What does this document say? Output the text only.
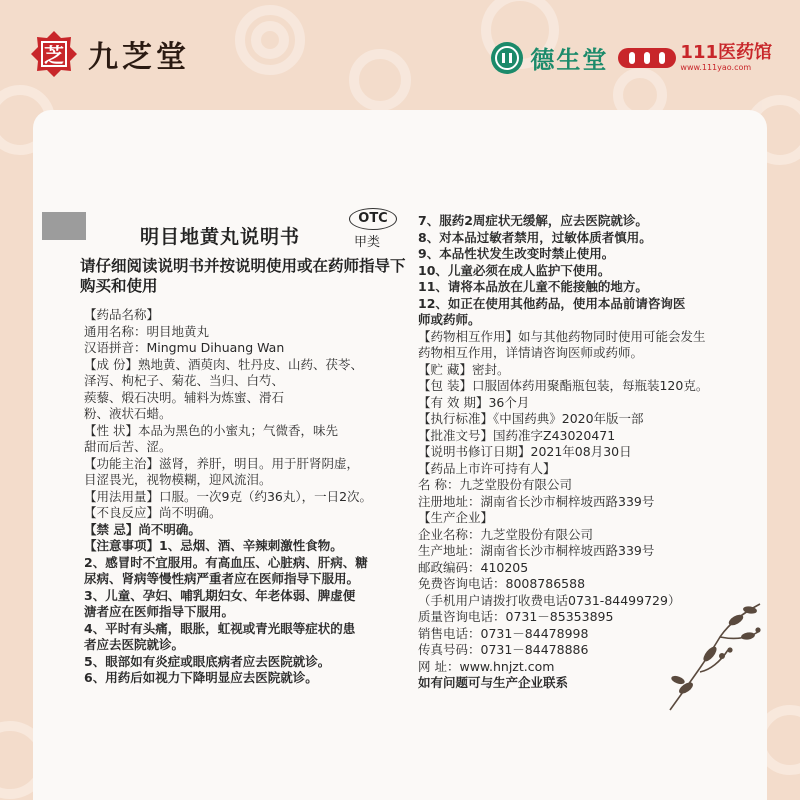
芝 九芝堂	德生堂	111医药馆
www.111yao.com
明目地黄丸说明书
OTC
甲类
请仔细阅读说明书并按说明使用或在药师指导下购买和使用
【药品名称】
通用名称：明目地黄丸
汉语拼音：Mingmu Dihuang Wan
【成 份】熟地黄、酒萸肉、牡丹皮、山药、茯苓、
泽泻、枸杞子、菊花、当归、白芍、
蒺藜、煅石决明。辅料为炼蜜、滑石
粉、液状石蜡。
【性 状】本品为黑色的小蜜丸；气微香，味先
甜而后苦、涩。
【功能主治】滋肾，养肝，明目。用于肝肾阴虚，
目涩畏光，视物模糊，迎风流泪。
【用法用量】口服。一次9克（约36丸），一日2次。
【不良反应】尚不明确。
【禁 忌】尚不明确。
【注意事项】1、忌烟、酒、辛辣刺激性食物。
2、感冒时不宜服用。有高血压、心脏病、肝病、糖
尿病、肾病等慢性病严重者应在医师指导下服用。
3、儿童、孕妇、哺乳期妇女、年老体弱、脾虚便
溏者应在医师指导下服用。
4、平时有头痛，眼胀，虹视或青光眼等症状的患
者应去医院就诊。
5、眼部如有炎症或眼底病者应去医院就诊。
6、用药后如视力下降明显应去医院就诊。
7、服药2周症状无缓解，应去医院就诊。
8、对本品过敏者禁用，过敏体质者慎用。
9、本品性状发生改变时禁止使用。
10、儿童必须在成人监护下使用。
11、请将本品放在儿童不能接触的地方。
12、如正在使用其他药品，使用本品前请咨询医
师或药师。
【药物相互作用】如与其他药物同时使用可能会发生
药物相互作用，详情请咨询医师或药师。
【贮 藏】密封。
【包 装】口服固体药用聚酯瓶包装，每瓶装120克。
【有 效 期】36个月
【执行标准】《中国药典》2020年版一部
【批准文号】国药准字Z43020471
【说明书修订日期】2021年08月30日
【药品上市许可持有人】
名 称：九芝堂股份有限公司
注册地址：湖南省长沙市桐梓坡西路339号
【生产企业】
企业名称：九芝堂股份有限公司
生产地址：湖南省长沙市桐梓坡西路339号
邮政编码：410205
免费咨询电话：8008786588
（手机用户请拨打收费电话0731-84499729）
质量咨询电话：0731－85353895
销售电话：0731－84478998
传真号码：0731－84478886
网 址：www.hnjzt.com
如有问题可与生产企业联系
